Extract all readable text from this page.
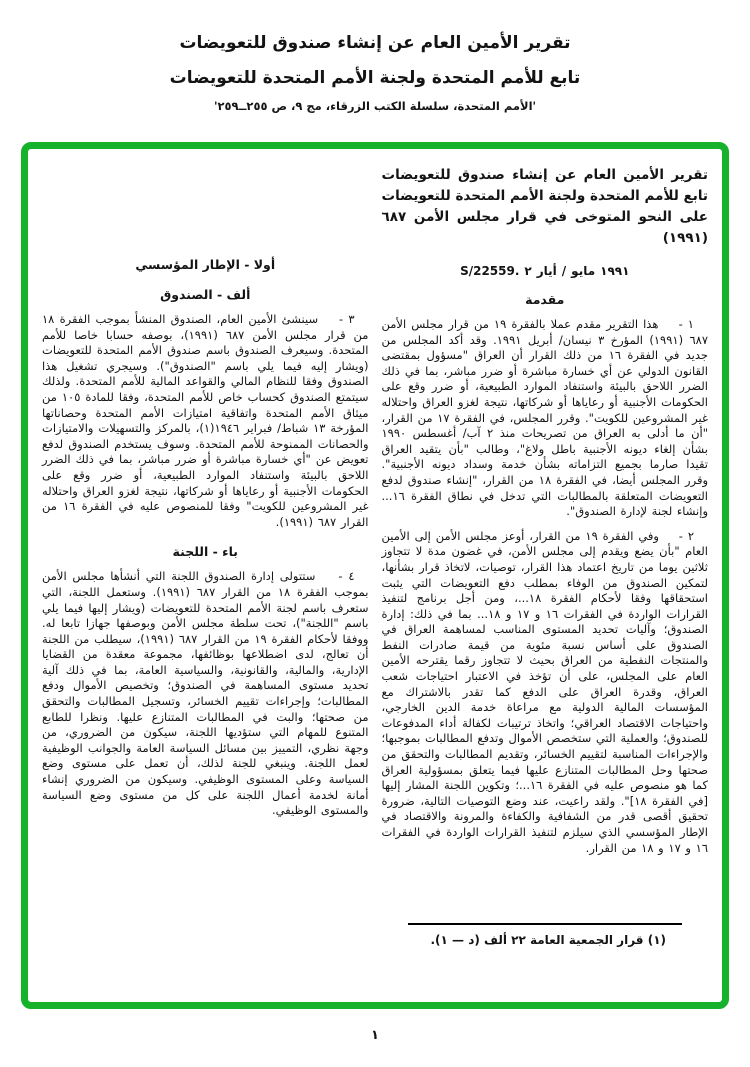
تقرير الأمين العام عن إنشاء صندوق للتعويضات
تابع للأمم المتحدة ولجنة الأمم المتحدة للتعويضات
'الأمم المتحدة، سلسلة الكتب الزرقاء، مج ٩، ص ٢٥٥ــ٢٥٩'
تقرير الأمين العام عن إنشاء صندوق للتعويضات تابع للأمم المتحدة ولجنة الأمم المتحدة للتعويضات على النحو المتوخى في قرار مجلس الأمن ٦٨٧ (١٩٩١)
S/22559. ٢ أيار / مايو ١٩٩١
مقدمة

١ -    هذا التقرير مقدم عملا بالفقرة ١٩ من قرار مجلس الأمن ٦٨٧ (١٩٩١) المؤرخ ٣ نيسان/ أبريل ١٩٩١. وقد أكد المجلس من جديد في الفقرة ١٦ من ذلك القرار أن العراق "مسؤول بمقتضى القانون الدولي عن أي خسارة مباشرة أو ضرر مباشر، بما في ذلك الضرر اللاحق بالبيئة واستنفاد الموارد الطبيعية، أو ضرر وقع على الحكومات الأجنبية أو رعاياها أو شركاتها، نتيجة لغزو العراق واحتلاله غير المشروعين للكويت". وقرر المجلس، في الفقرة ١٧ من القرار، "أن ما أدلى به العراق من تصريحات منذ ٢ آب/ أغسطس ١٩٩٠ بشأن إلغاء ديونه الأجنبية باطل ولاغ"، وطالب "بأن يتقيد العراق تقيدا صارما بجميع التزاماته بشأن خدمة وسداد ديونه الأجنبية". وقرر المجلس أيضا، في الفقرة ١٨ من القرار، "إنشاء صندوق لدفع التعويضات المتعلقة بالمطالبات التي تدخل في نطاق الفقرة ١٦... وإنشاء لجنة لإدارة الصندوق".

٢ -    وفي الفقرة ١٩ من القرار، أوعز مجلس الأمن إلى الأمين العام "بأن يضع ويقدم إلى مجلس الأمن، في غضون مدة لا تتجاوز ثلاثين يوما من تاريخ اعتماد هذا القرار، توصيات، لاتخاذ قرار بشأنها، لتمكين الصندوق من الوفاء بمطلب دفع التعويضات التي يثبت استحقاقها وفقا لأحكام الفقرة ١٨...، ومن أجل برنامج لتنفيذ القرارات الواردة في الفقرات ١٦ و ١٧ و ١٨... بما في ذلك: إدارة الصندوق؛ وآليات تحديد المستوى المناسب لمساهمة العراق في الصندوق على أساس نسبة مئوية من قيمة صادرات النفط والمنتجات النفطية من العراق بحيث لا تتجاوز رقما يقترحه الأمين العام على المجلس، على أن تؤخذ في الاعتبار احتياجات شعب العراق، وقدرة العراق على الدفع كما تقدر بالاشتراك مع المؤسسات المالية الدولية مع مراعاة خدمة الدين الخارجي، واحتياجات الاقتصاد العراقي؛ واتخاذ ترتيبات لكفالة أداء المدفوعات للصندوق؛ والعملية التي ستخصص الأموال وتدفع المطالبات بموجبها؛ والإجراءات المناسبة لتقييم الخسائر، وتقديم المطالبات والتحقق من صحتها وحل المطالبات المتنازع عليها فيما يتعلق بمسؤولية العراق كما هو منصوص عليه في الفقرة ١٦...؛ وتكوين اللجنة المشار إليها [في الفقرة ١٨]". ولقد راعيت، عند وضع التوصيات التالية، ضرورة تحقيق أقصى قدر من الشفافية والكفاءة والمرونة والاقتصاد في الإطار المؤسسي الذي سيلزم لتنفيذ القرارات الواردة في الفقرات ١٦ و ١٧ و ١٨ من القرار.

(١) قرار الجمعية العامة ٢٢ ألف (د — ١).

أولا - الإطار المؤسسي
ألف - الصندوق

٣ -    سينشئ الأمين العام، الصندوق المنشأ بموجب الفقرة ١٨ من قرار مجلس الأمن ٦٨٧ (١٩٩١)، بوصفه حسابا خاصا للأمم المتحدة. وسيعرف الصندوق باسم صندوق الأمم المتحدة للتعويضات (ويشار إليه فيما يلي باسم "الصندوق"). وسيجري تشغيل هذا الصندوق وفقا للنظام المالي والقواعد المالية للأمم المتحدة. ولذلك سيتمتع الصندوق كحساب خاص للأمم المتحدة، وفقا للمادة ١٠٥ من ميثاق الأمم المتحدة واتفاقية امتيازات الأمم المتحدة وحصاناتها المؤرخة ١٣ شباط/ فبراير ١٩٤٦(١)، بالمركز والتسهيلات والامتيازات والحصانات الممنوحة للأمم المتحدة. وسوف يستخدم الصندوق لدفع تعويض عن "أي خسارة مباشرة أو ضرر مباشر، بما في ذلك الضرر اللاحق بالبيئة واستنفاد الموارد الطبيعية، أو ضرر وقع على الحكومات الأجنبية أو رعاياها أو شركاتها، نتيجة لغزو العراق واحتلاله غير المشروعين للكويت" وفقا للمنصوص عليه في الفقرة ١٦ من القرار ٦٨٧ (١٩٩١).

باء - اللجنة

٤ -    ستتولى إدارة الصندوق اللجنة التي أنشأها مجلس الأمن بموجب الفقرة ١٨ من القرار ٦٨٧ (١٩٩١). وستعمل اللجنة، التي ستعرف باسم لجنة الأمم المتحدة للتعويضات (ويشار إليها فيما يلي باسم "اللجنة")، تحت سلطة مجلس الأمن وبوصفها جهازا تابعا له. ووفقا لأحكام الفقرة ١٩ من القرار ٦٨٧ (١٩٩١)، سيطلب من اللجنة أن تعالج، لدى اضطلاعها بوظائفها، مجموعة معقدة من القضايا الإدارية، والمالية، والقانونية، والسياسية العامة، بما في ذلك آلية تحديد مستوى المساهمة في الصندوق؛ وتخصيص الأموال ودفع المطالبات؛ وإجراءات تقييم الخسائر، وتسجيل المطالبات والتحقق من صحتها؛ والبت في المطالبات المتنازع عليها. ونظرا للطابع المتنوع للمهام التي ستؤديها اللجنة، سيكون من الضروري، من وجهة نظري، التمييز بين مسائل السياسة العامة والجوانب الوظيفية لعمل اللجنة. وينبغي للجنة لذلك، أن تعمل على مستوى وضع السياسة وعلى المستوى الوظيفي. وسيكون من الضروري إنشاء أمانة لخدمة أعمال اللجنة على كل من مستوى وضع السياسة والمستوى الوظيفي.

١
